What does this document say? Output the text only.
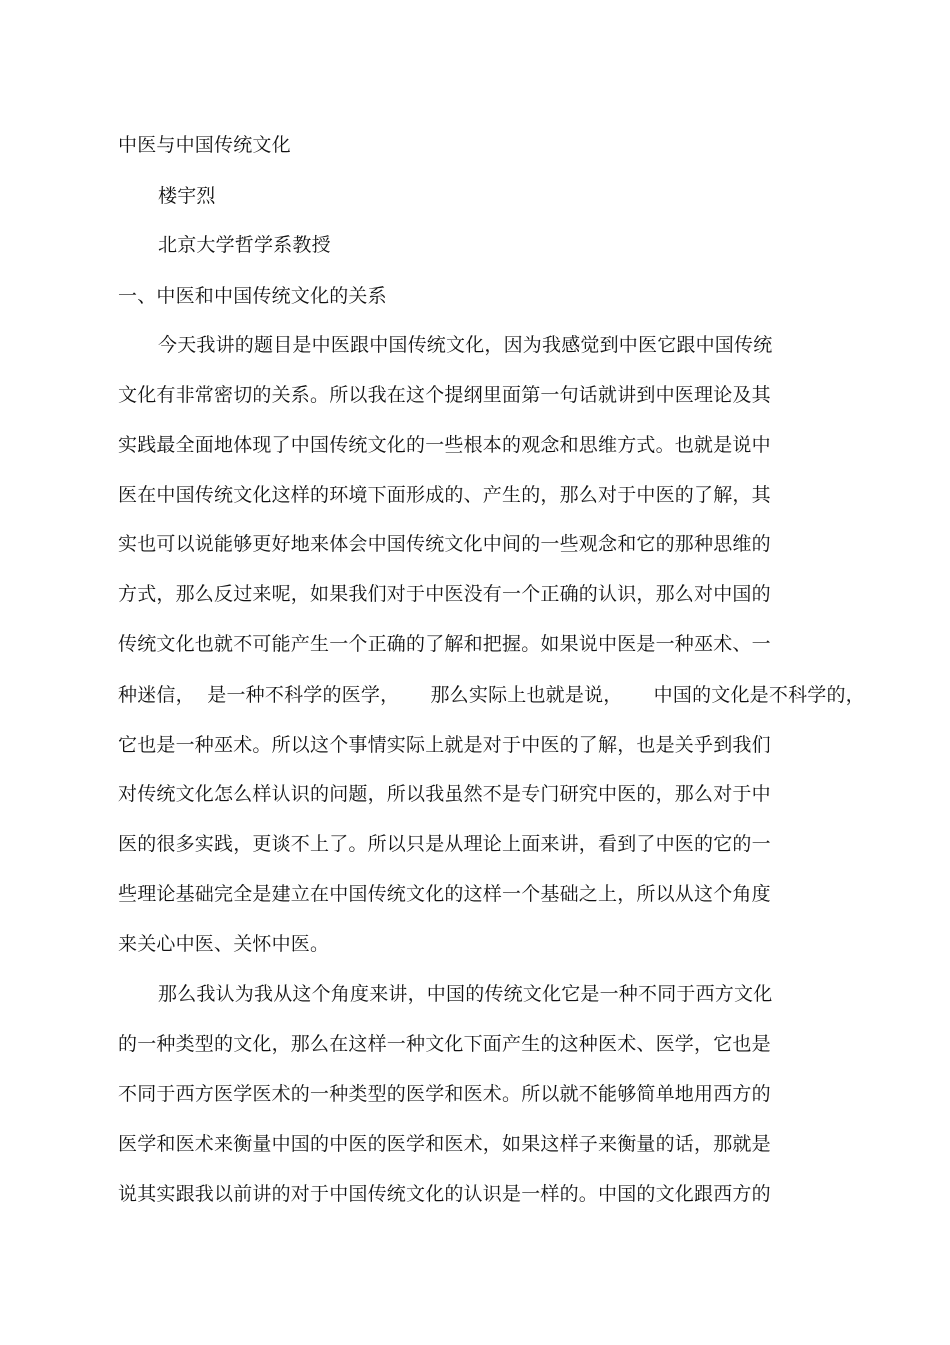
中医与中国传统文化
楼宇烈
北京大学哲学系教授
一、中医和中国传统文化的关系
今天我讲的题目是中医跟中国传统文化，因为我感觉到中医它跟中国传统
文化有非常密切的关系。所以我在这个提纲里面第一句话就讲到中医理论及其
实践最全面地体现了中国传统文化的一些根本的观念和思维方式。也就是说中
医在中国传统文化这样的环境下面形成的、产生的，那么对于中医的了解，其
实也可以说能够更好地来体会中国传统文化中间的一些观念和它的那种思维的
方式，那么反过来呢，如果我们对于中医没有一个正确的认识，那么对中国的
传统文化也就不可能产生一个正确的了解和把握。如果说中医是一种巫术、一
种迷信，  是一种不科学的医学，     那么实际上也就是说，     中国的文化是不科学的，
它也是一种巫术。所以这个事情实际上就是对于中医的了解，也是关乎到我们
对传统文化怎么样认识的问题，所以我虽然不是专门研究中医的，那么对于中
医的很多实践，更谈不上了。所以只是从理论上面来讲，看到了中医的它的一
些理论基础完全是建立在中国传统文化的这样一个基础之上，所以从这个角度
来关心中医、关怀中医。
那么我认为我从这个角度来讲，中国的传统文化它是一种不同于西方文化
的一种类型的文化，那么在这样一种文化下面产生的这种医术、医学，它也是
不同于西方医学医术的一种类型的医学和医术。所以就不能够简单地用西方的
医学和医术来衡量中国的中医的医学和医术，如果这样子来衡量的话，那就是
说其实跟我以前讲的对于中国传统文化的认识是一样的。中国的文化跟西方的
